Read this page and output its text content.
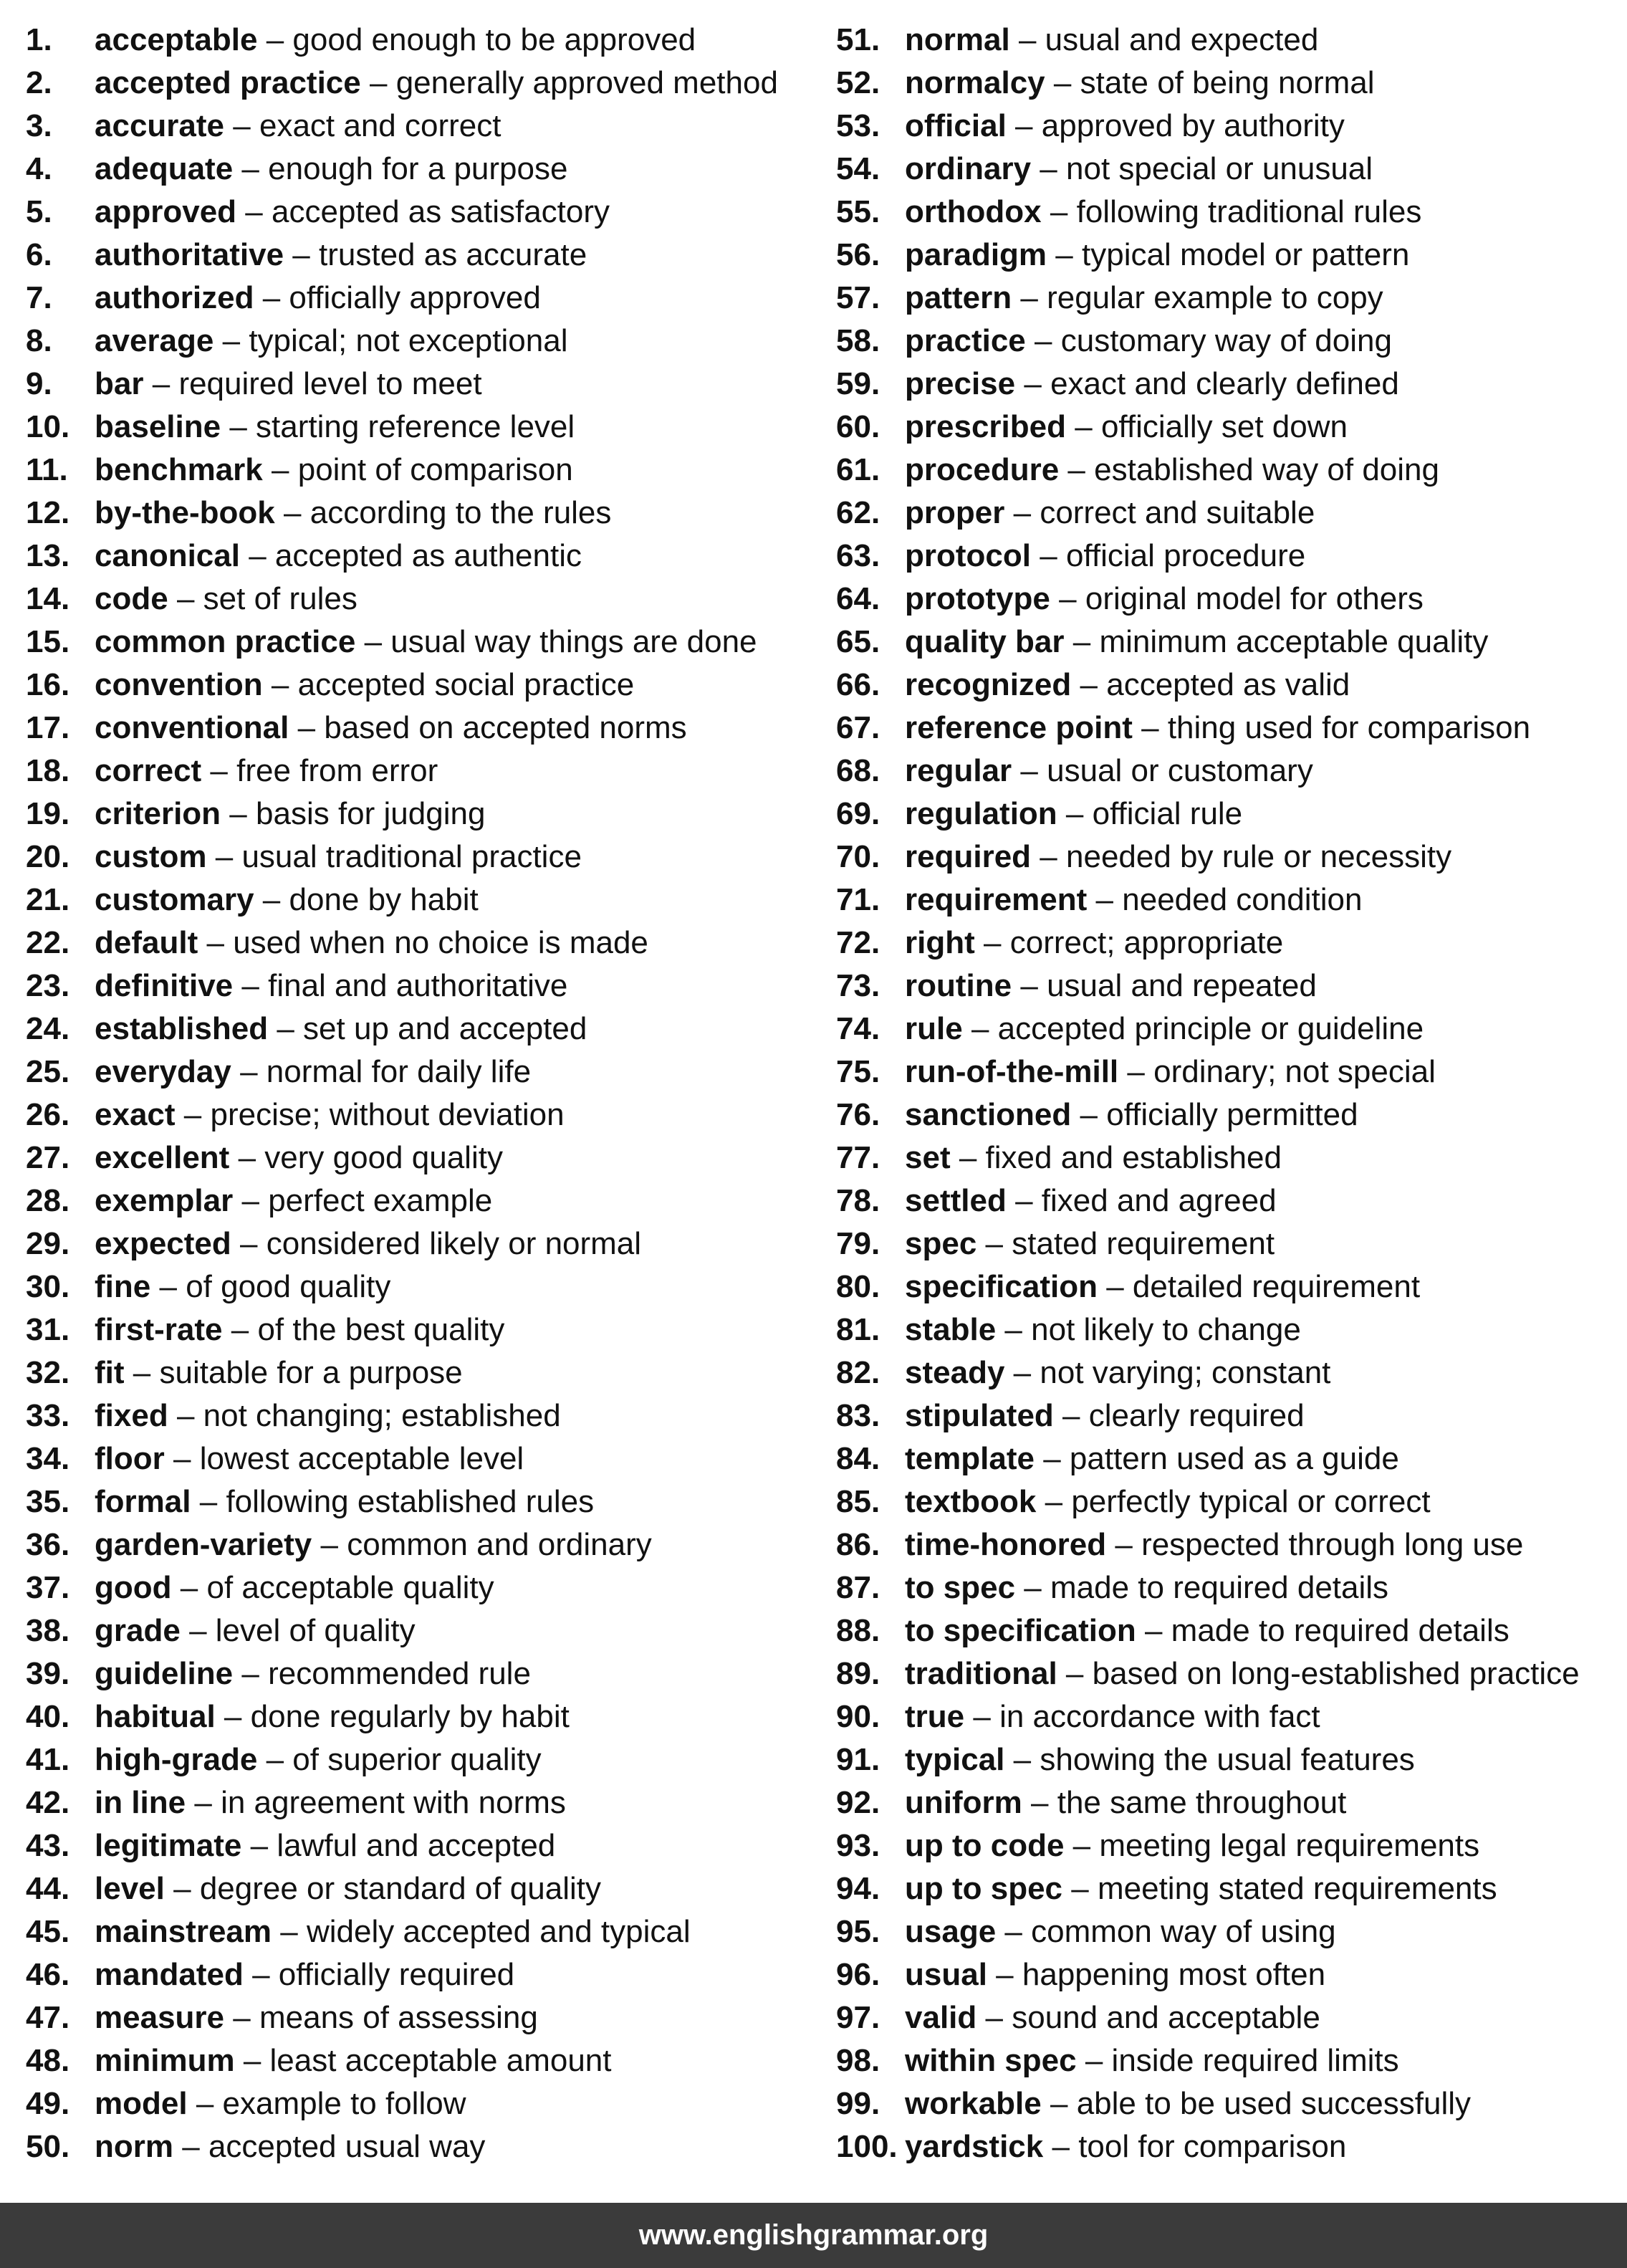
1. acceptable – good enough to be approved
2. accepted practice – generally approved method
3. accurate – exact and correct
4. adequate – enough for a purpose
5. approved – accepted as satisfactory
6. authoritative – trusted as accurate
7. authorized – officially approved
8. average – typical; not exceptional
9. bar – required level to meet
10. baseline – starting reference level
11. benchmark – point of comparison
12. by-the-book – according to the rules
13. canonical – accepted as authentic
14. code – set of rules
15. common practice – usual way things are done
16. convention – accepted social practice
17. conventional – based on accepted norms
18. correct – free from error
19. criterion – basis for judging
20. custom – usual traditional practice
21. customary – done by habit
22. default – used when no choice is made
23. definitive – final and authoritative
24. established – set up and accepted
25. everyday – normal for daily life
26. exact – precise; without deviation
27. excellent – very good quality
28. exemplar – perfect example
29. expected – considered likely or normal
30. fine – of good quality
31. first-rate – of the best quality
32. fit – suitable for a purpose
33. fixed – not changing; established
34. floor – lowest acceptable level
35. formal – following established rules
36. garden-variety – common and ordinary
37. good – of acceptable quality
38. grade – level of quality
39. guideline – recommended rule
40. habitual – done regularly by habit
41. high-grade – of superior quality
42. in line – in agreement with norms
43. legitimate – lawful and accepted
44. level – degree or standard of quality
45. mainstream – widely accepted and typical
46. mandated – officially required
47. measure – means of assessing
48. minimum – least acceptable amount
49. model – example to follow
50. norm – accepted usual way
51. normal – usual and expected
52. normalcy – state of being normal
53. official – approved by authority
54. ordinary – not special or unusual
55. orthodox – following traditional rules
56. paradigm – typical model or pattern
57. pattern – regular example to copy
58. practice – customary way of doing
59. precise – exact and clearly defined
60. prescribed – officially set down
61. procedure – established way of doing
62. proper – correct and suitable
63. protocol – official procedure
64. prototype – original model for others
65. quality bar – minimum acceptable quality
66. recognized – accepted as valid
67. reference point – thing used for comparison
68. regular – usual or customary
69. regulation – official rule
70. required – needed by rule or necessity
71. requirement – needed condition
72. right – correct; appropriate
73. routine – usual and repeated
74. rule – accepted principle or guideline
75. run-of-the-mill – ordinary; not special
76. sanctioned – officially permitted
77. set – fixed and established
78. settled – fixed and agreed
79. spec – stated requirement
80. specification – detailed requirement
81. stable – not likely to change
82. steady – not varying; constant
83. stipulated – clearly required
84. template – pattern used as a guide
85. textbook – perfectly typical or correct
86. time-honored – respected through long use
87. to spec – made to required details
88. to specification – made to required details
89. traditional – based on long-established practice
90. true – in accordance with fact
91. typical – showing the usual features
92. uniform – the same throughout
93. up to code – meeting legal requirements
94. up to spec – meeting stated requirements
95. usage – common way of using
96. usual – happening most often
97. valid – sound and acceptable
98. within spec – inside required limits
99. workable – able to be used successfully
100. yardstick – tool for comparison
www.englishgrammar.org
